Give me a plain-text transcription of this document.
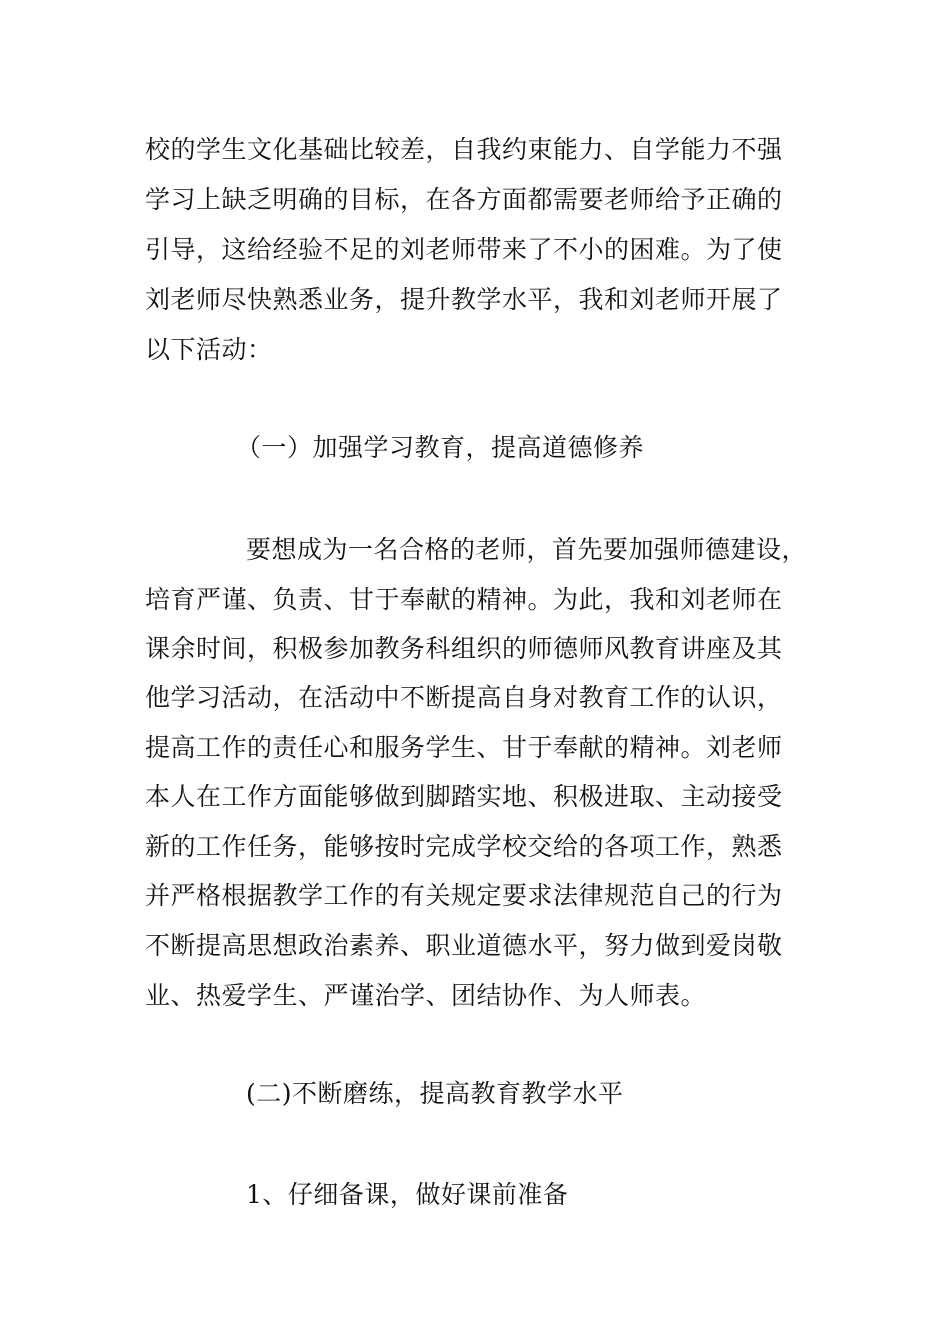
校的学生文化基础比较差，自我约束能力、自学能力不强
学习上缺乏明确的目标，在各方面都需要老师给予正确的
引导，这给经验不足的刘老师带来了不小的困难。为了使
刘老师尽快熟悉业务，提升教学水平，我和刘老师开展了
以下活动：
（一）加强学习教育，提高道德修养
要想成为一名合格的老师，首先要加强师德建设，
培育严谨、负责、甘于奉献的精神。为此，我和刘老师在
课余时间，积极参加教务科组织的师德师风教育讲座及其
他学习活动，在活动中不断提高自身对教育工作的认识，
提高工作的责任心和服务学生、甘于奉献的精神。刘老师
本人在工作方面能够做到脚踏实地、积极进取、主动接受
新的工作任务，能够按时完成学校交给的各项工作，熟悉
并严格根据教学工作的有关规定要求法律规范自己的行为
不断提高思想政治素养、职业道德水平，努力做到爱岗敬
业、热爱学生、严谨治学、团结协作、为人师表。
(二)不断磨练，提高教育教学水平
1、仔细备课，做好课前准备
